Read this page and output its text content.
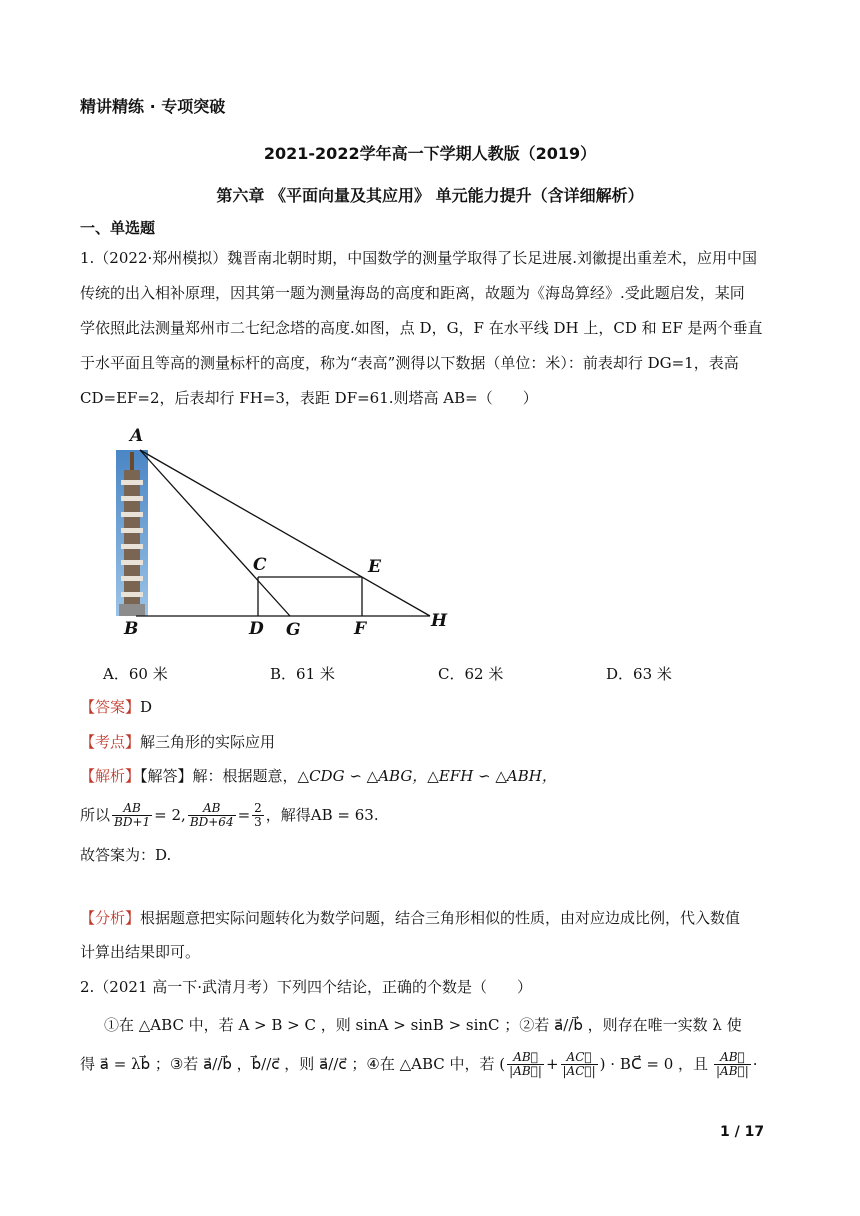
精讲精练 · 专项突破
2021-2022学年高一下学期人教版（2019）
第六章 《平面向量及其应用》 单元能力提升（含详细解析）
一、单选题
1.（2022·郑州模拟）魏晋南北朝时期，中国数学的测量学取得了长足进展.刘徽提出重差术，应用中国
传统的出入相补原理，因其第一题为测量海岛的高度和距离，故题为《海岛算经》.受此题启发，某同
学依照此法测量郑州市二七纪念塔的高度.如图，点 D，G，F 在水平线 DH 上，CD 和 EF 是两个垂直
于水平面且等高的测量标杆的高度，称为“表高”测得以下数据（单位：米）：前表却行 DG=1，表高
CD=EF=2，后表却行 FH=3，表距 DF=61.则塔高 AB=（　　）
A
B
C
D G
E
F	H
A．60 米	B．61 米	C．62 米	D．63 米
【答案】D
【考点】解三角形的实际应用
【解析】【解答】解：根据题意，△CDG ∽ △ABG，△EFH ∽ △ABH，
所以 $\frac{AB}{BD+1} = 2$, $\frac{AB}{BD+64} = \frac{2}{3}$ ，解得AB = 63.
故答案为：D.
【分析】根据题意把实际问题转化为数学问题，结合三角形相似的性质，由对应边成比例，代入数值
计算出结果即可。
2.（2021 高一下·武清月考）下列四个结论，正确的个数是（　　）
①在 △ABC 中，若 A > B > C ，则 sinA > sinB > sinC ；②若 a⃗//b⃗ ，则存在唯一实数 λ 使
得 a⃗ = λb⃗ ；③若 a⃗//b⃗ ，b⃗//c⃗ ，则 a⃗//c⃗ ；④在 △ABC 中，若 ( $\frac{AB⃗}{|AB⃗|} + \frac{AC⃗}{|AC⃗|}$ ) · BC⃗ = 0 ，且 $\frac{AB⃗}{|AB⃗|}$ ·
1 / 17
